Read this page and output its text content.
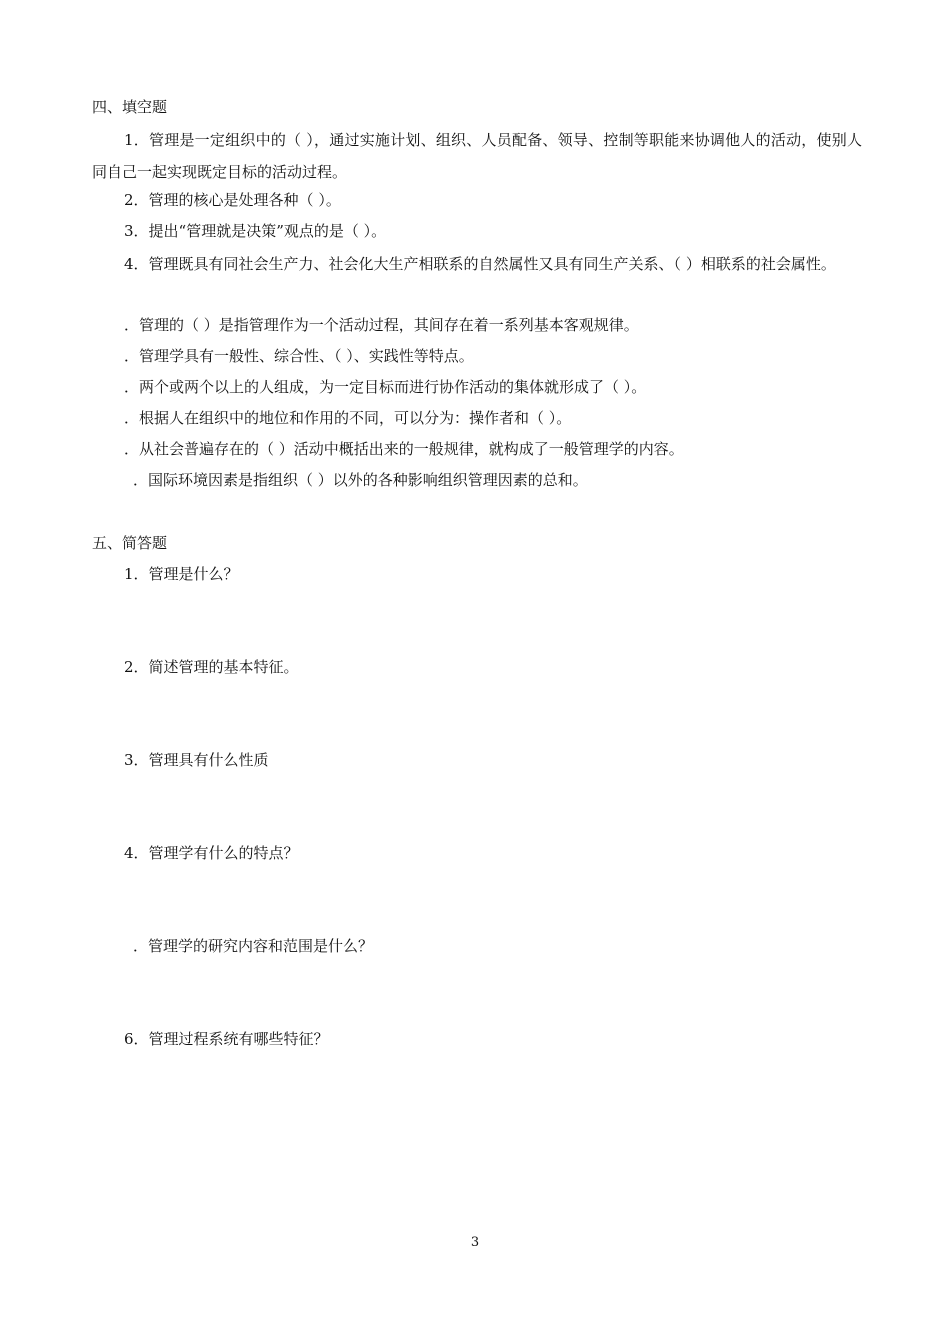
四、填空题
1．管理是一定组织中的（ ），通过实施计划、组织、人员配备、领导、控制等职能来协调他人的活动，使别人同自己一起实现既定目标的活动过程。
2．管理的核心是处理各种（ ）。
3．提出“管理就是决策”观点的是（ ）。
4．管理既具有同社会生产力、社会化大生产相联系的自然属性又具有同生产关系、（ ）相联系的社会属性。
．管理的（ ）是指管理作为一个活动过程，其间存在着一系列基本客观规律。
．管理学具有一般性、综合性、（ ）、实践性等特点。
．两个或两个以上的人组成，为一定目标而进行协作活动的集体就形成了（ ）。
．根据人在组织中的地位和作用的不同，可以分为：操作者和（ ）。
．从社会普遍存在的（ ）活动中概括出来的一般规律，就构成了一般管理学的内容。
．国际环境因素是指组织（ ）以外的各种影响组织管理因素的总和。
五、简答题
1．管理是什么？
2．简述管理的基本特征。
3．管理具有什么性质
4．管理学有什么的特点？
．管理学的研究内容和范围是什么？
6．管理过程系统有哪些特征？
3
